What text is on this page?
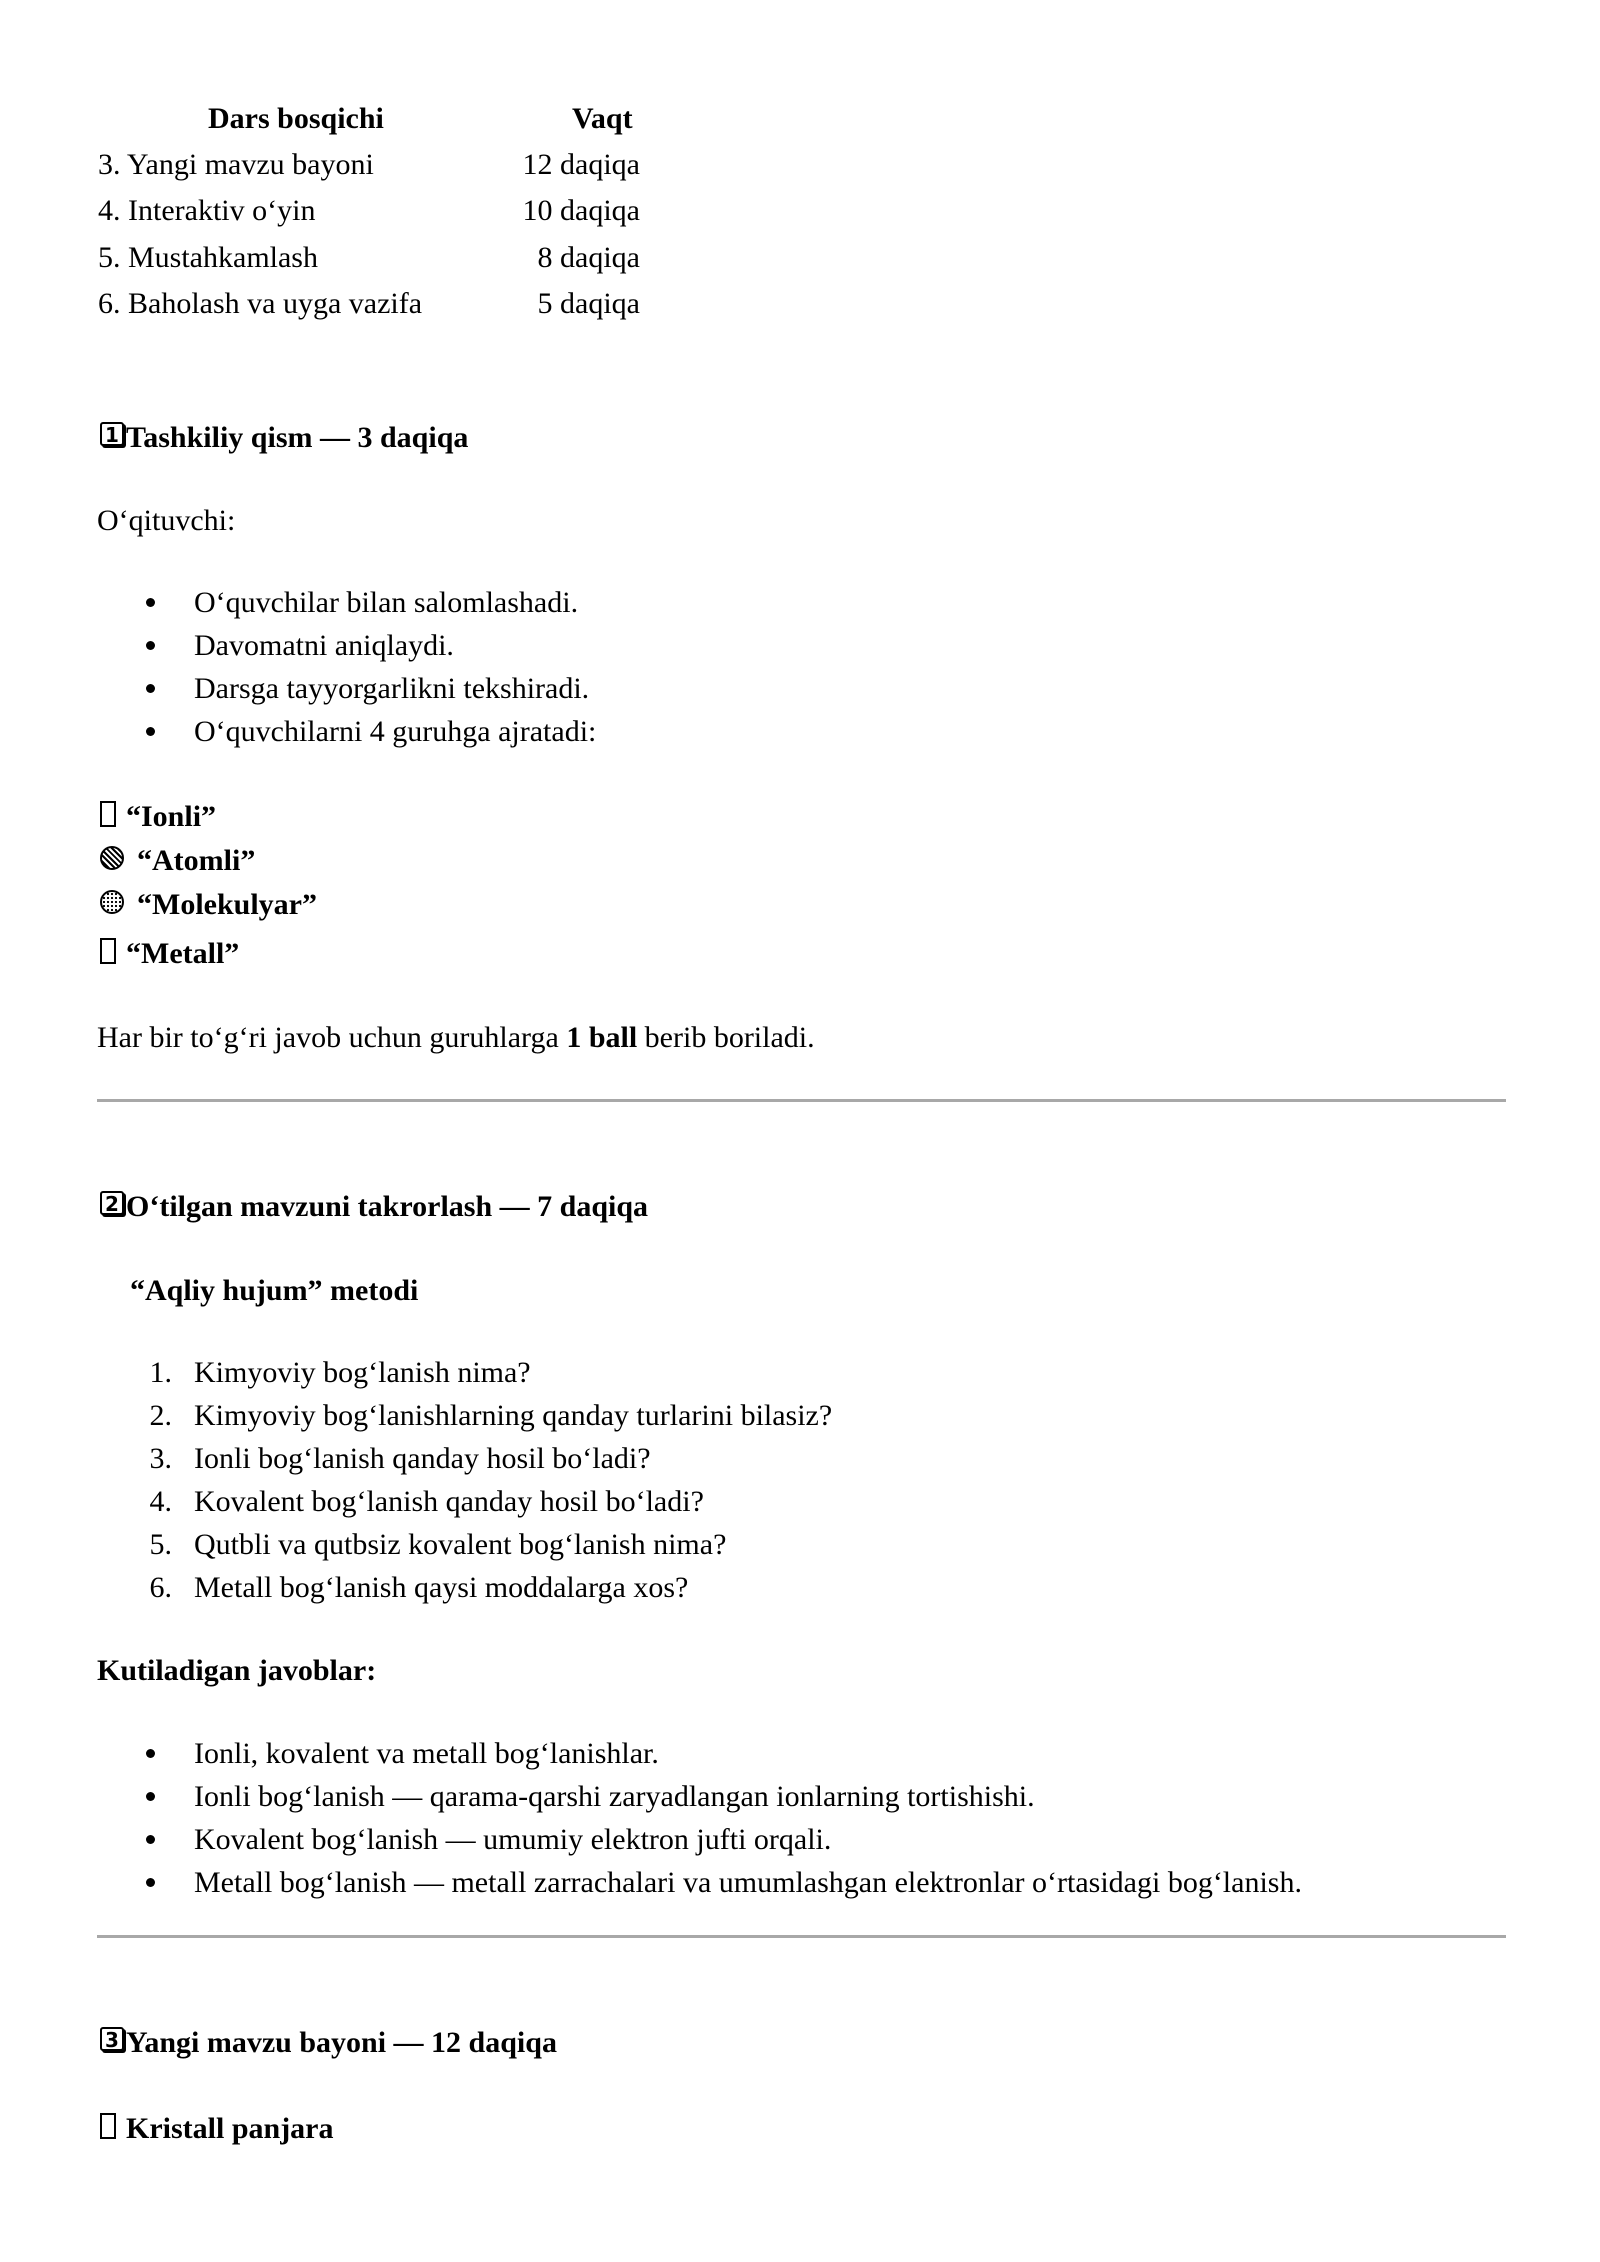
Dars bosqichi	Vaqt
3. Yangi mavzu bayoni	12 daqiqa
4. Interaktiv o‘yin	10 daqiqa
5. Mustahkamlash	8 daqiqa
6. Baholash va uyga vazifa	5 daqiqa
1 Tashkiliy qism — 3 daqiqa
O‘qituvchi:
O‘quvchilar bilan salomlashadi.
Davomatni aniqlaydi.
Darsga tayyorgarlikni tekshiradi.
O‘quvchilarni 4 guruhga ajratadi:
“Ionli”
“Atomli”
“Molekulyar”
“Metall”
Har bir to‘g‘ri javob uchun guruhlarga 1 ball berib boriladi.
2 O‘tilgan mavzuni takrorlash — 7 daqiqa
“Aqliy hujum” metodi
1. Kimyoviy bog‘lanish nima?
2. Kimyoviy bog‘lanishlarning qanday turlarini bilasiz?
3. Ionli bog‘lanish qanday hosil bo‘ladi?
4. Kovalent bog‘lanish qanday hosil bo‘ladi?
5. Qutbli va qutbsiz kovalent bog‘lanish nima?
6. Metall bog‘lanish qaysi moddalarga xos?
Kutiladigan javoblar:
Ionli, kovalent va metall bog‘lanishlar.
Ionli bog‘lanish — qarama-qarshi zaryadlangan ionlarning tortishishi.
Kovalent bog‘lanish — umumiy elektron jufti orqali.
Metall bog‘lanish — metall zarrachalari va umumlashgan elektronlar o‘rtasidagi bog‘lanish.
3 Yangi mavzu bayoni — 12 daqiqa
Kristall panjara
